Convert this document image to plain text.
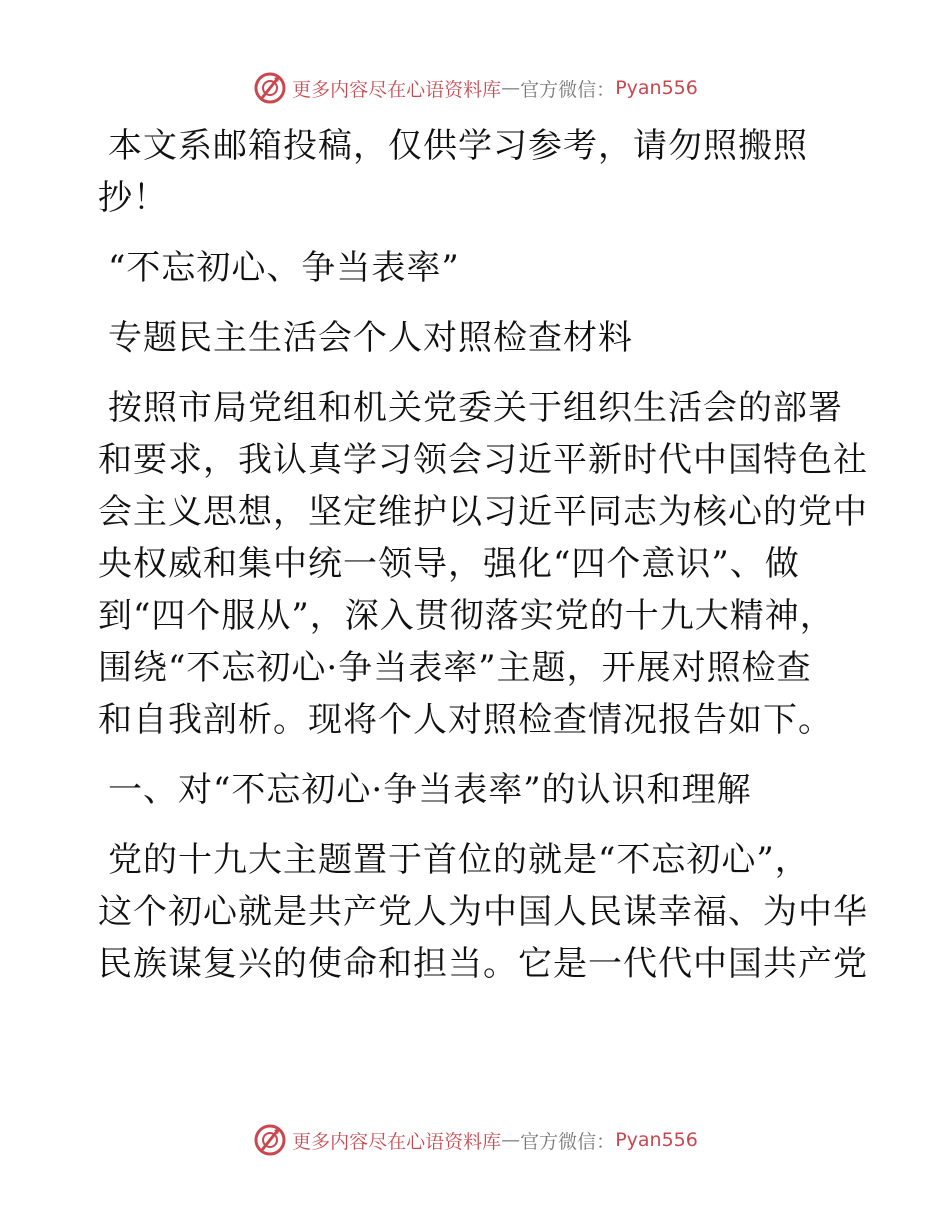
更多内容尽在心语资料库 — 官方微信： Pyan556

本文系邮箱投稿，仅供学习参考，请勿照搬照
抄！

“不忘初心、争当表率”

专题民主生活会个人对照检查材料

按照市局党组和机关党委关于组织生活会的部署
和要求，我认真学习领会习近平新时代中国特色社
会主义思想，坚定维护以习近平同志为核心的党中
央权威和集中统一领导，强化“四个意识”、做
到“四个服从”，深入贯彻落实党的十九大精神，
围绕“不忘初心·争当表率”主题，开展对照检查
和自我剖析。现将个人对照检查情况报告如下。

一、对“不忘初心·争当表率”的认识和理解

党的十九大主题置于首位的就是“不忘初心”，
这个初心就是共产党人为中国人民谋幸福、为中华
民族谋复兴的使命和担当。它是一代代中国共产党

更多内容尽在心语资料库 — 官方微信： Pyan556
